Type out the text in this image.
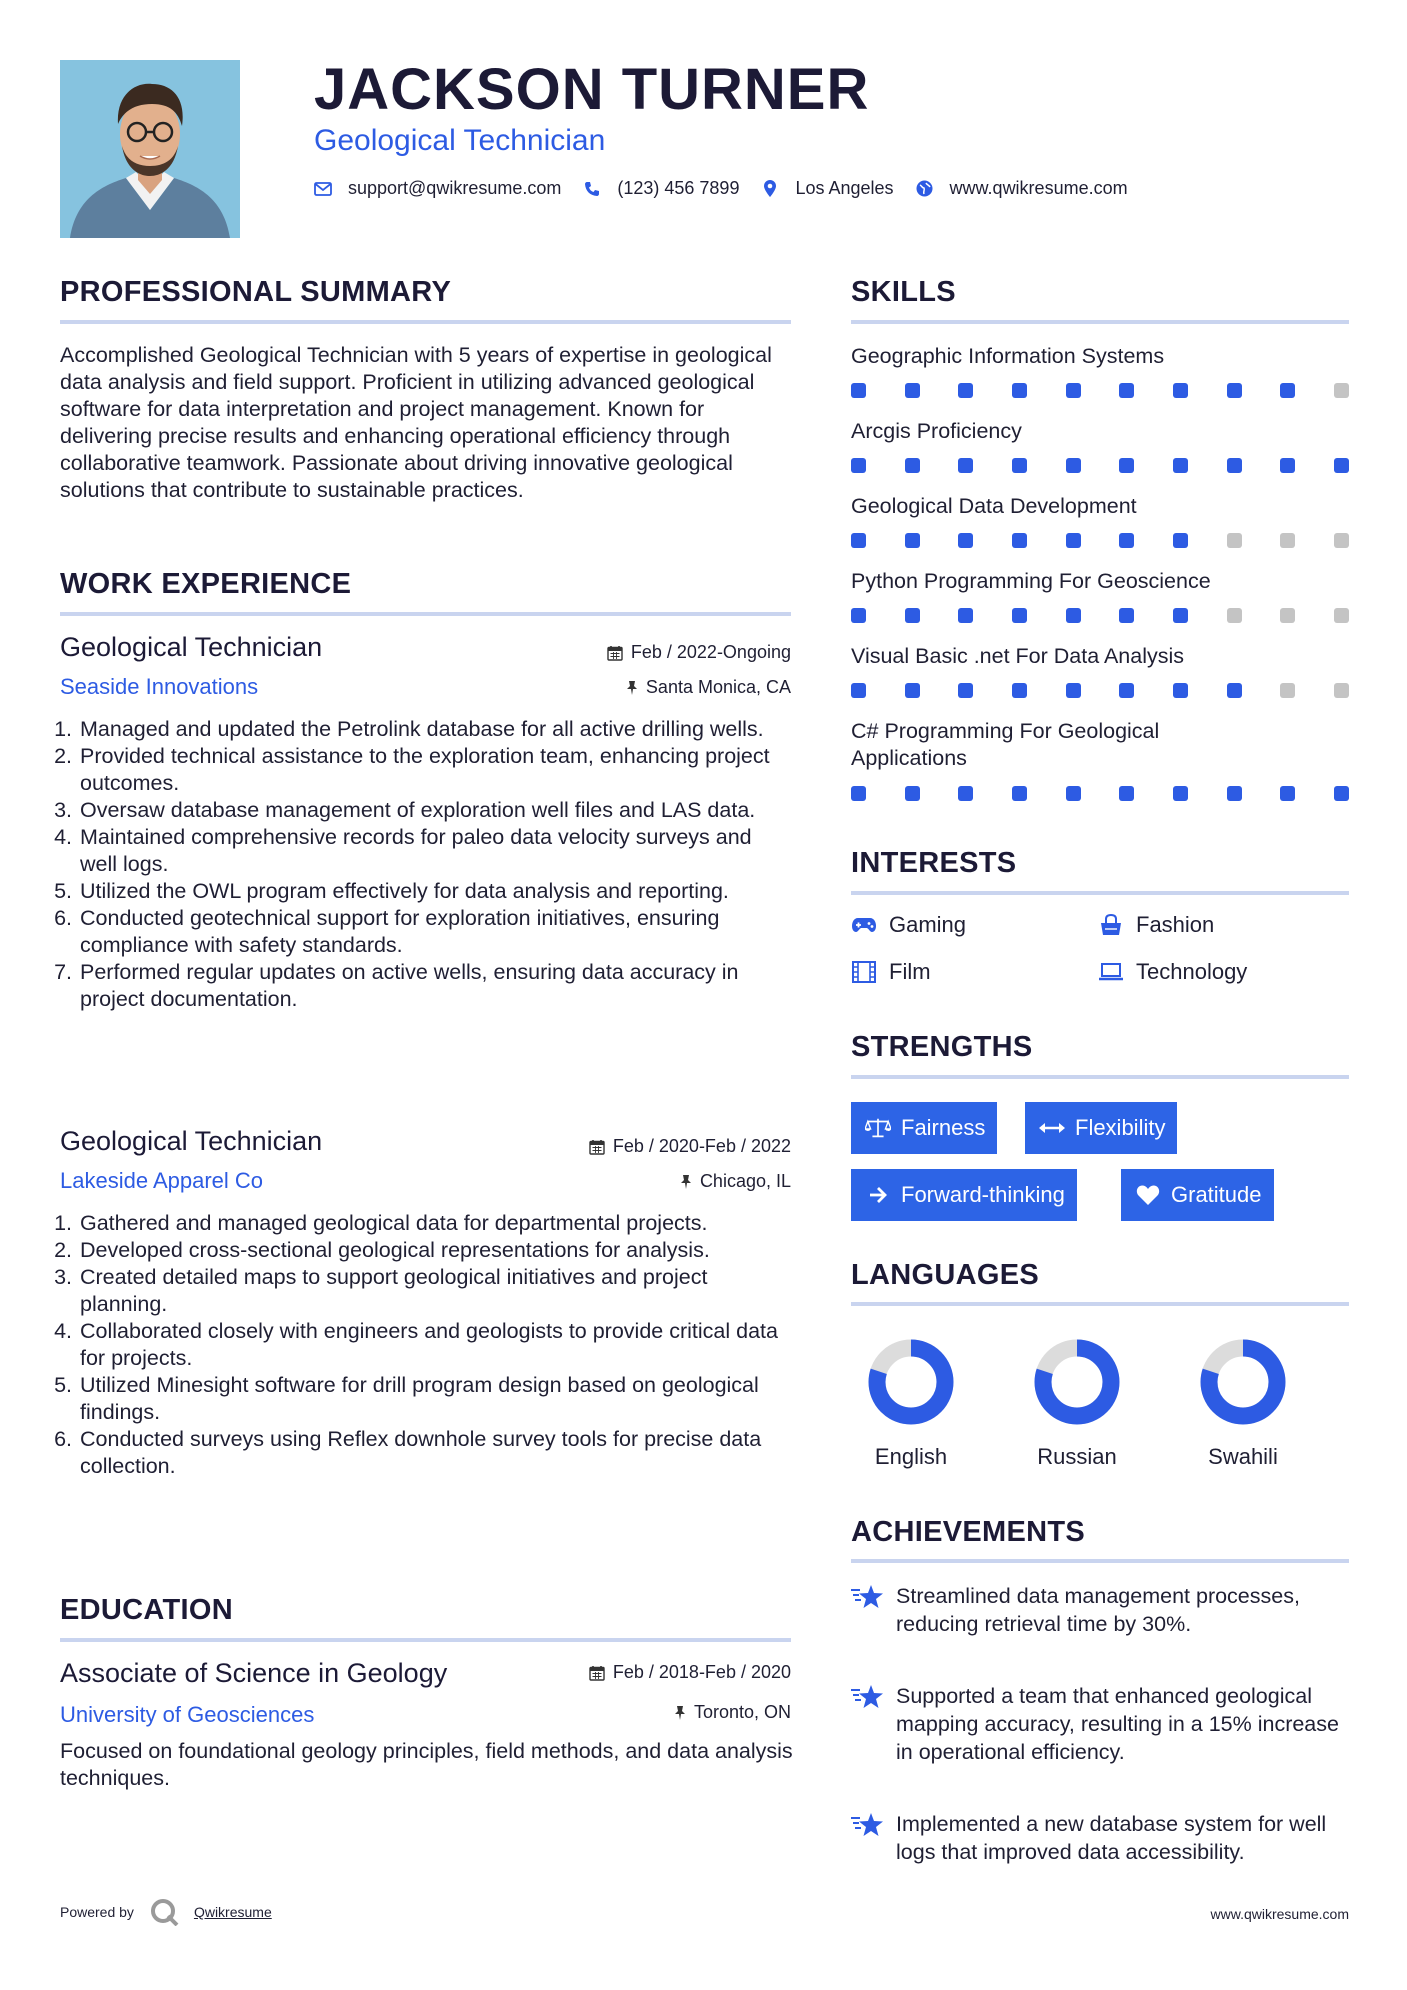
JACKSON TURNER
Geological Technician
support@qwikresume.com	(123) 456 7899	Los Angeles	www.qwikresume.com
PROFESSIONAL SUMMARY
Accomplished Geological Technician with 5 years of expertise in geological data analysis and field support. Proficient in utilizing advanced geological software for data interpretation and project management. Known for delivering precise results and enhancing operational efficiency through collaborative teamwork. Passionate about driving innovative geological solutions that contribute to sustainable practices.
WORK EXPERIENCE
Geological Technician	Feb / 2022-Ongoing
Seaside Innovations	Santa Monica, CA
1. Managed and updated the Petrolink database for all active drilling wells.
2. Provided technical assistance to the exploration team, enhancing project outcomes.
3. Oversaw database management of exploration well files and LAS data.
4. Maintained comprehensive records for paleo data velocity surveys and well logs.
5. Utilized the OWL program effectively for data analysis and reporting.
6. Conducted geotechnical support for exploration initiatives, ensuring compliance with safety standards.
7. Performed regular updates on active wells, ensuring data accuracy in project documentation.
Geological Technician	Feb / 2020-Feb / 2022
Lakeside Apparel Co	Chicago, IL
1. Gathered and managed geological data for departmental projects.
2. Developed cross-sectional geological representations for analysis.
3. Created detailed maps to support geological initiatives and project planning.
4. Collaborated closely with engineers and geologists to provide critical data for projects.
5. Utilized Minesight software for drill program design based on geological findings.
6. Conducted surveys using Reflex downhole survey tools for precise data collection.
EDUCATION
Associate of Science in Geology	Feb / 2018-Feb / 2020
University of Geosciences	Toronto, ON
Focused on foundational geology principles, field methods, and data analysis techniques.
SKILLS
Geographic Information Systems
Arcgis Proficiency
Geological Data Development
Python Programming For Geoscience
Visual Basic .net For Data Analysis
C# Programming For Geological Applications
INTERESTS
Gaming	Fashion
Film	Technology
STRENGTHS
Fairness	Flexibility
Forward-thinking	Gratitude
LANGUAGES
English	Russian	Swahili
ACHIEVEMENTS
Streamlined data management processes, reducing retrieval time by 30%.
Supported a team that enhanced geological mapping accuracy, resulting in a 15% increase in operational efficiency.
Implemented a new database system for well logs that improved data accessibility.
Powered by	Qwikresume	www.qwikresume.com
